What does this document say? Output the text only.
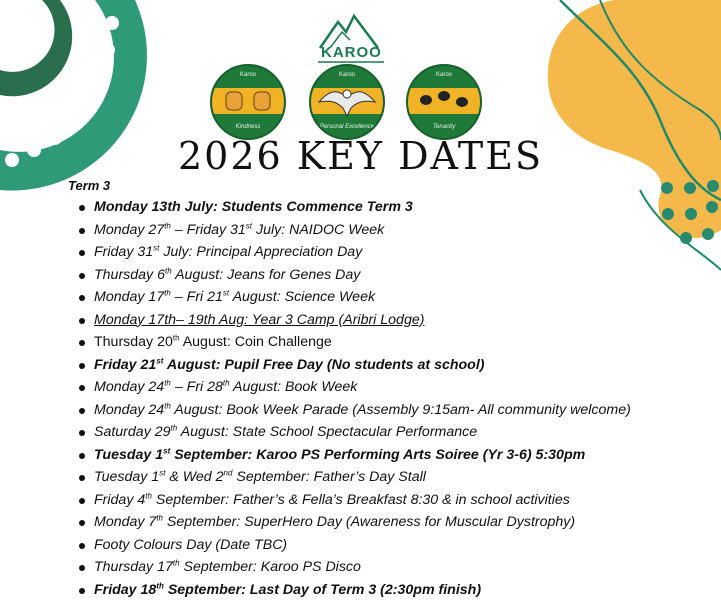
KAROO
Karoo
Kindness
Karoo
Personal Excellence
Karoo
Tenacity
2026 KEY DATES
Term 3
Monday 13th July: Students Commence Term 3
Monday 27th – Friday 31st July: NAIDOC Week
Friday 31st July: Principal Appreciation Day
Thursday 6th August: Jeans for Genes Day
Monday 17th – Fri 21st August: Science Week
Monday 17th– 19th Aug: Year 3 Camp (Aribri Lodge)
Thursday 20th August: Coin Challenge
Friday 21st August: Pupil Free Day (No students at school)
Monday 24th – Fri 28th August: Book Week
Monday 24th August: Book Week Parade (Assembly 9:15am- All community welcome)
Saturday 29th August: State School Spectacular Performance
Tuesday 1st September: Karoo PS Performing Arts Soiree (Yr 3-6) 5:30pm
Tuesday 1st & Wed 2nd September: Father’s Day Stall
Friday 4th September: Father’s & Fella’s Breakfast 8:30 & in school activities
Monday 7th September: SuperHero Day (Awareness for Muscular Dystrophy)
Footy Colours Day (Date TBC)
Thursday 17th September: Karoo PS Disco
Friday 18th September: Last Day of Term 3 (2:30pm finish)
